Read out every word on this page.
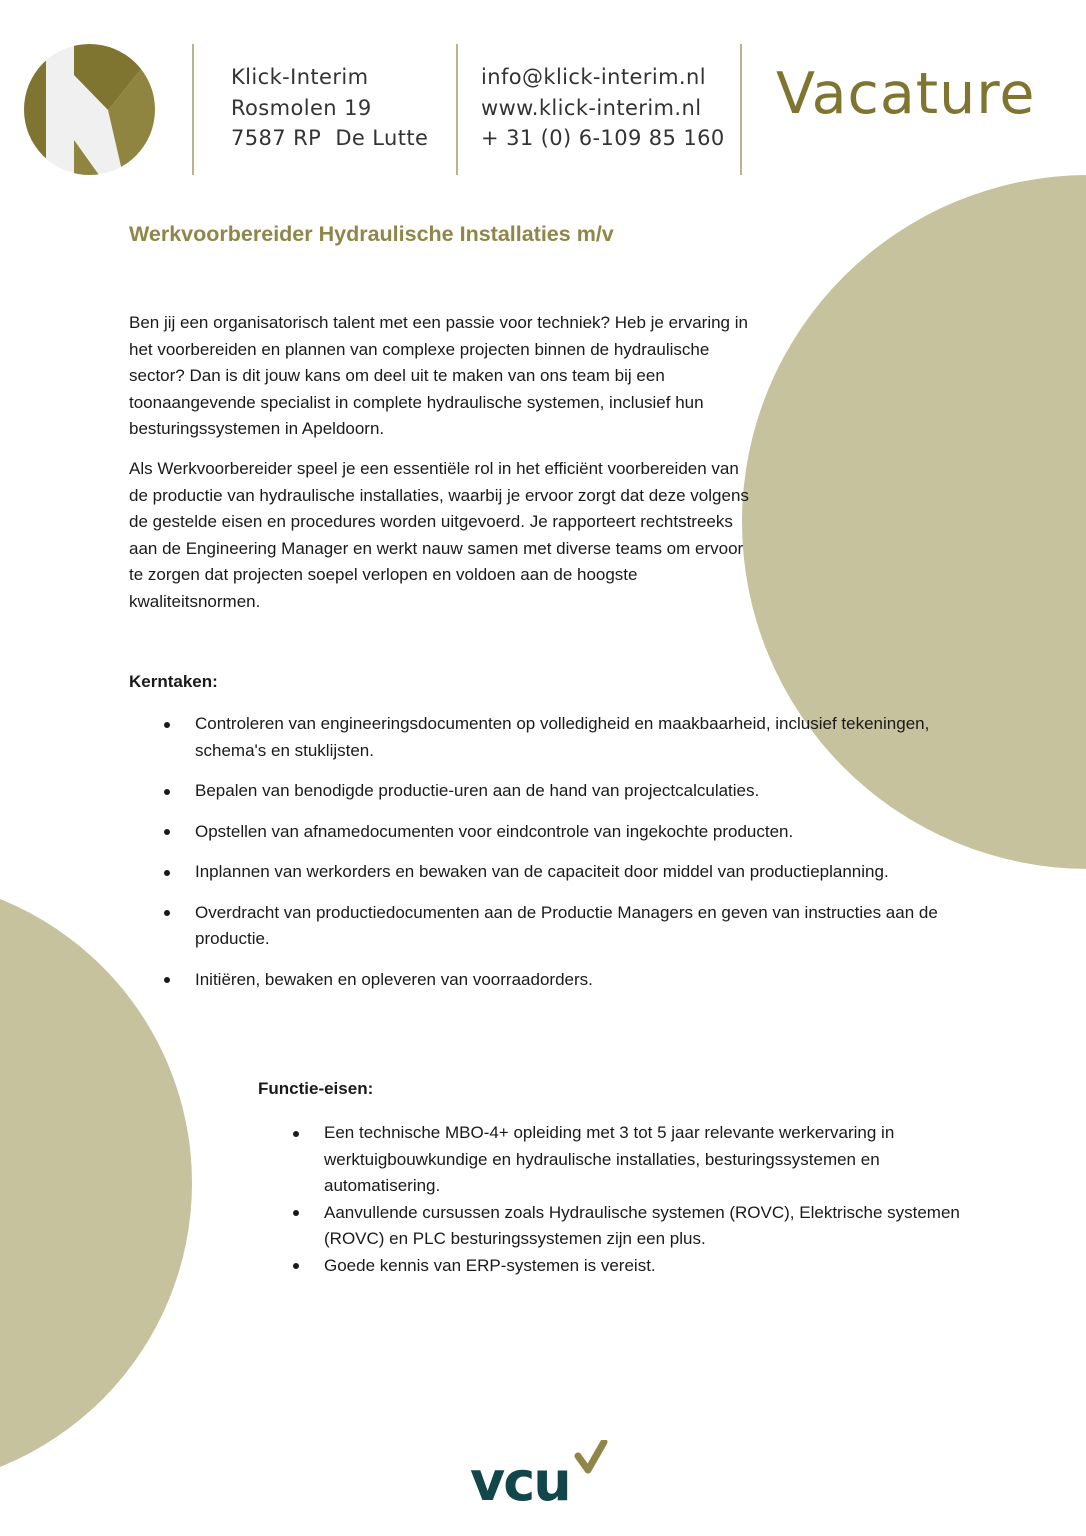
Klick-Interim
Rosmolen 19
7587 RP  De Lutte
info@klick-interim.nl
www.klick-interim.nl
+ 31 (0) 6-109 85 160
Vacature
Werkvoorbereider Hydraulische Installaties m/v

Ben jij een organisatorisch talent met een passie voor techniek? Heb je ervaring in het voorbereiden en plannen van complexe projecten binnen de hydraulische sector? Dan is dit jouw kans om deel uit te maken van ons team bij een toonaangevende specialist in complete hydraulische systemen, inclusief hun besturingssystemen in Apeldoorn.

Als Werkvoorbereider speel je een essentiële rol in het efficiënt voorbereiden van de productie van hydraulische installaties, waarbij je ervoor zorgt dat deze volgens de gestelde eisen en procedures worden uitgevoerd. Je rapporteert rechtstreeks aan de Engineering Manager en werkt nauw samen met diverse teams om ervoor te zorgen dat projecten soepel verlopen en voldoen aan de hoogste kwaliteitsnormen.

Kerntaken:
Controleren van engineeringsdocumenten op volledigheid en maakbaarheid, inclusief tekeningen, schema's en stuklijsten.
Bepalen van benodigde productie-uren aan de hand van projectcalculaties.
Opstellen van afnamedocumenten voor eindcontrole van ingekochte producten.
Inplannen van werkorders en bewaken van de capaciteit door middel van productieplanning.
Overdracht van productiedocumenten aan de Productie Managers en geven van instructies aan de productie.
Initiëren, bewaken en opleveren van voorraadorders.
Functie-eisen:
Een technische MBO-4+ opleiding met 3 tot 5 jaar relevante werkervaring in werktuigbouwkundige en hydraulische installaties, besturingssystemen en automatisering.
Aanvullende cursussen zoals Hydraulische systemen (ROVC), Elektrische systemen (ROVC) en PLC besturingssystemen zijn een plus.
Goede kennis van ERP-systemen is vereist.
vcu
